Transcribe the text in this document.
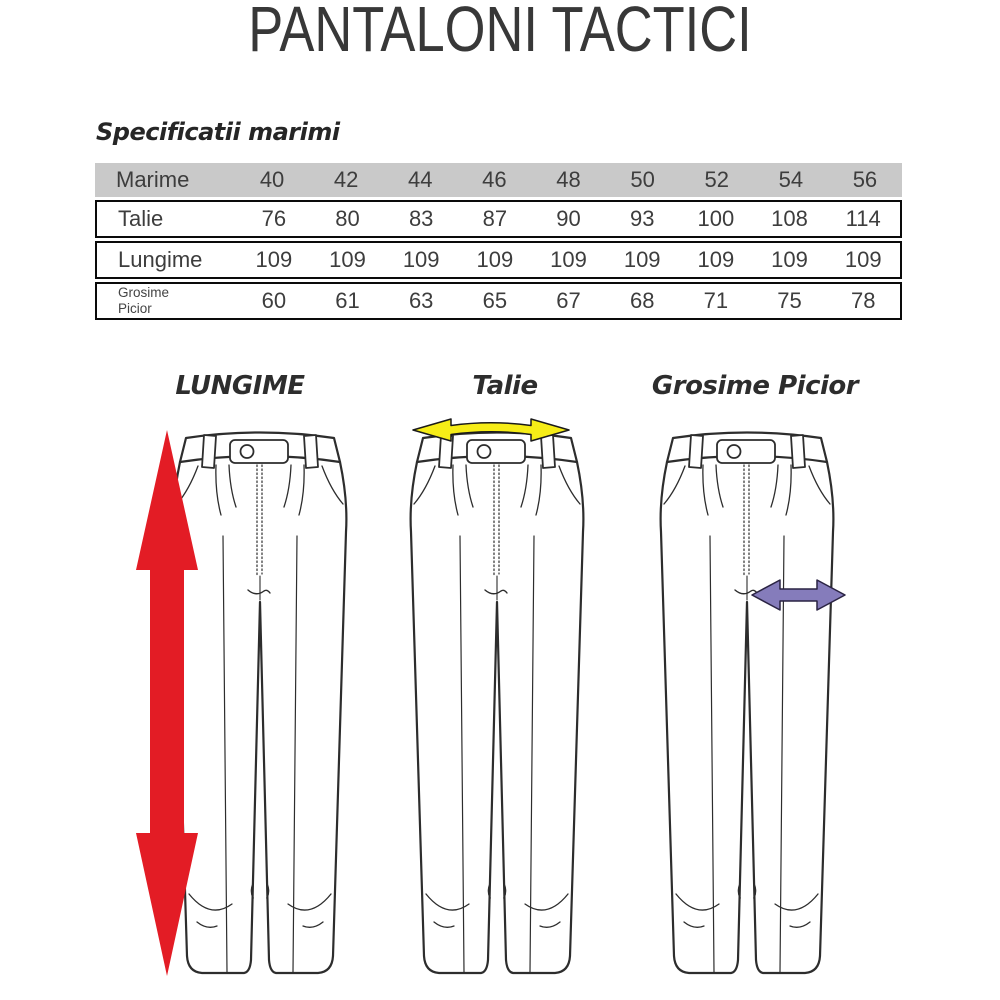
PANTALONI TACTICI
Specificatii marimi
Marime	40	42	44	46	48	50	52	54	56
Talie	76	80	83	87	90	93	100	108	114
Lungime	109	109	109	109	109	109	109	109	109
Grosime Picior	60	61	63	65	67	68	71	75	78
LUNGIME	Talie	Grosime Picior
